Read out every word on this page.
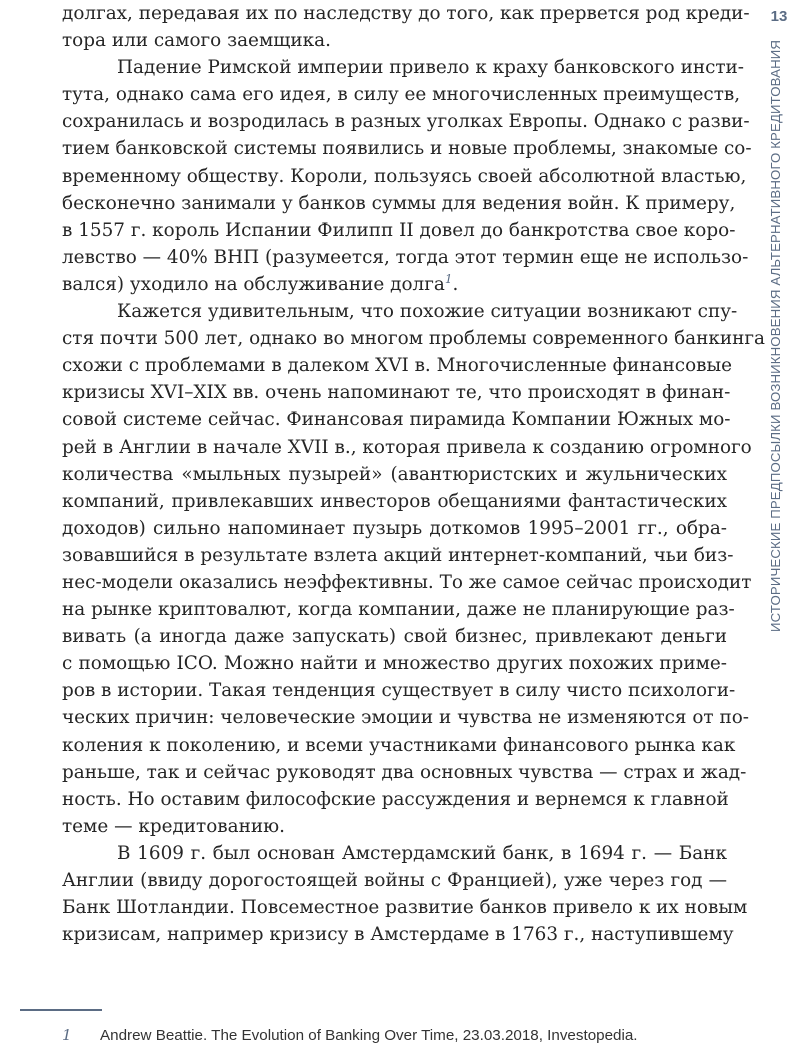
13
ИСТОРИЧЕСКИЕ ПРЕДПОСЫЛКИ ВОЗНИКНОВЕНИЯ АЛЬТЕРНАТИВНОГО КРЕДИТОВАНИЯ
долгах, передавая их по наследству до того, как прервется род креди-
тора или самого заемщика.
Падение Римской империи привело к краху банковского инсти-
тута, однако сама его идея, в силу ее многочисленных преимуществ,
сохранилась и возродилась в разных уголках Европы. Однако с разви-
тием банковской системы появились и новые проблемы, знакомые со-
временному обществу. Короли, пользуясь своей абсолютной властью,
бесконечно занимали у банков суммы для ведения войн. К примеру,
в 1557 г. король Испании Филипп II довел до банкротства свое коро-
левство — 40% ВНП (разумеется, тогда этот термин еще не использо-
вался) уходило на обслуживание долга$^1$.
Кажется удивительным, что похожие ситуации возникают спу-
стя почти 500 лет, однако во многом проблемы современного банкинга
схожи с проблемами в далеком XVI в. Многочисленные финансовые
кризисы XVI–XIX вв. очень напоминают те, что происходят в финан-
совой системе сейчас. Финансовая пирамида Компании Южных мо-
рей в Англии в начале XVII в., которая привела к созданию огромного
количества «мыльных пузырей» (авантюристских и жульнических
компаний, привлекавших инвесторов обещаниями фантастических
доходов) сильно напоминает пузырь доткомов 1995–2001 гг., обра-
зовавшийся в результате взлета акций интернет-компаний, чьи биз-
нес-модели оказались неэффективны. То же самое сейчас происходит
на рынке криптовалют, когда компании, даже не планирующие раз-
вивать (а иногда даже запускать) свой бизнес, привлекают деньги
с помощью ICO. Можно найти и множество других похожих приме-
ров в истории. Такая тенденция существует в силу чисто психологи-
ческих причин: человеческие эмоции и чувства не изменяются от по-
коления к поколению, и всеми участниками финансового рынка как
раньше, так и сейчас руководят два основных чувства — страх и жад-
ность. Но оставим философские рассуждения и вернемся к главной
теме — кредитованию.
В 1609 г. был основан Амстердамский банк, в 1694 г. — Банк
Англии (ввиду дорогостоящей войны с Францией), уже через год —
Банк Шотландии. Повсеместное развитие банков привело к их новым
кризисам, например кризису в Амстердаме в 1763 г., наступившему
1 Andrew Beattie. The Evolution of Banking Over Time, 23.03.2018, Investopedia.
